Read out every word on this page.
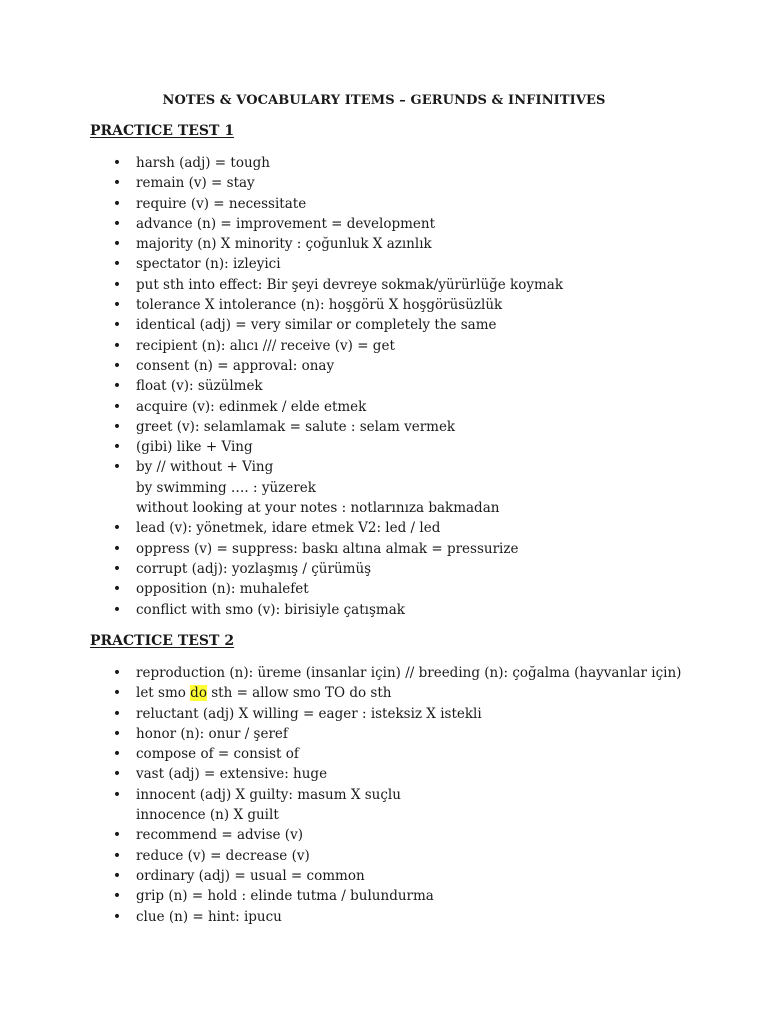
NOTES & VOCABULARY ITEMS – GERUNDS & INFINITIVES
PRACTICE TEST 1
• harsh (adj) = tough
• remain (v) = stay
• require (v) = necessitate
• advance (n) = improvement = development
• majority (n) X minority : çoğunluk X azınlık
• spectator (n): izleyici
• put sth into effect: Bir şeyi devreye sokmak/yürürlüğe koymak
• tolerance X intolerance (n): hoşgörü X hoşgörüsüzlük
• identical (adj) = very similar or completely the same
• recipient (n): alıcı /// receive (v) = get
• consent (n) = approval: onay
• float (v): süzülmek
• acquire (v): edinmek / elde etmek
• greet (v): selamlamak = salute : selam vermek
• (gibi) like + Ving
• by // without + Ving
by swimming …. : yüzerek
without looking at your notes : notlarınıza bakmadan
• lead (v): yönetmek, idare etmek V2: led / led
• oppress (v) = suppress: baskı altına almak = pressurize
• corrupt (adj): yozlaşmış / çürümüş
• opposition (n): muhalefet
• conflict with smo (v): birisiyle çatışmak
PRACTICE TEST 2
• reproduction (n): üreme (insanlar için) // breeding (n): çoğalma (hayvanlar için)
• let smo do sth = allow smo TO do sth
• reluctant (adj) X willing = eager : isteksiz X istekli
• honor (n): onur / şeref
• compose of = consist of
• vast (adj) = extensive: huge
• innocent (adj) X guilty: masum X suçlu
innocence (n) X guilt
• recommend = advise (v)
• reduce (v) = decrease (v)
• ordinary (adj) = usual = common
• grip (n) = hold : elinde tutma / bulundurma
• clue (n) = hint: ipucu
